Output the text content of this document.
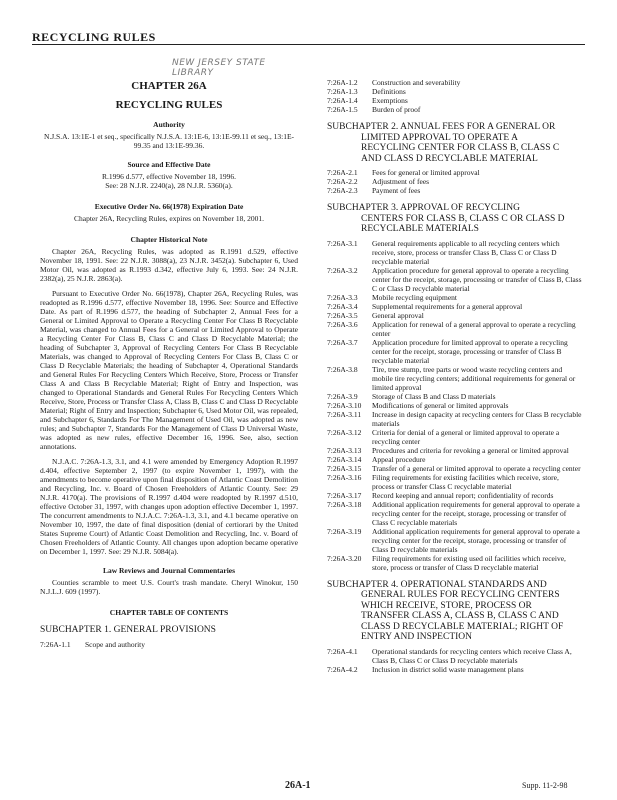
RECYCLING RULES
NEW JERSEY STATE LIBRARY
CHAPTER 26A
RECYCLING RULES
Authority
N.J.S.A. 13:1E-1 et seq., specifically N.J.S.A. 13:1E-6, 13:1E-99.11 et seq., 13:1E-99.35 and 13:1E-99.36.
Source and Effective Date
R.1996 d.577, effective November 18, 1996.
See: 28 N.J.R. 2240(a), 28 N.J.R. 5360(a).
Executive Order No. 66(1978) Expiration Date
Chapter 26A, Recycling Rules, expires on November 18, 2001.
Chapter Historical Note

Chapter 26A, Recycling Rules, was adopted as R.1991 d.529, effective November 18, 1991. See: 22 N.J.R. 3088(a), 23 N.J.R. 3452(a). Subchapter 6, Used Motor Oil, was adopted as R.1993 d.342, effective July 6, 1993. See: 24 N.J.R. 2382(a), 25 N.J.R. 2863(a).

Pursuant to Executive Order No. 66(1978), Chapter 26A, Recycling Rules, was readopted as R.1996 d.577, effective November 18, 1996. See: Source and Effective Date. As part of R.1996 d.577, the heading of Subchapter 2, Annual Fees for a General or Limited Approval to Operate a Recycling Center For Class B Recyclable Material, was changed to Annual Fees for a General or Limited Approval to Operate a Recycling Center For Class B, Class C and Class D Recyclable Material; the heading of Subchapter 3, Approval of Recycling Centers For Class B Recyclable Materials, was changed to Approval of Recycling Centers For Class B, Class C or Class D Recyclable Materials; the heading of Subchapter 4, Operational Standards and General Rules For Recycling Centers Which Receive, Store, Process or Transfer Class A and Class B Recyclable Material; Right of Entry and Inspection, was changed to Operational Standards and General Rules For Recycling Centers Which Receive, Store, Process or Transfer Class A, Class B, Class C and Class D Recyclable Material; Right of Entry and Inspection; Subchapter 6, Used Motor Oil, was repealed, and Subchapter 6, Standards For The Management of Used Oil, was adopted as new rules; and Subchapter 7, Standards For the Management of Class D Universal Waste, was adopted as new rules, effective December 16, 1996. See, also, section annotations.

N.J.A.C. 7:26A-1.3, 3.1, and 4.1 were amended by Emergency Adoption R.1997 d.404, effective September 2, 1997 (to expire November 1, 1997), with the amendments to become operative upon final disposition of Atlantic Coast Demolition and Recycling, Inc. v. Board of Chosen Freeholders of Atlantic County. See: 29 N.J.R. 4170(a). The provisions of R.1997 d.404 were readopted by R.1997 d.510, effective October 31, 1997, with changes upon adoption effective December 1, 1997. The concurrent amendments to N.J.A.C. 7:26A-1.3, 3.1, and 4.1 became operative on November 10, 1997, the date of final disposition (denial of certiorari by the United States Supreme Court) of Atlantic Coast Demolition and Recycling, Inc. v. Board of Chosen Freeholders of Atlantic County. All changes upon adoption became operative on December 1, 1997. See: 29 N.J.R. 5084(a).

Law Reviews and Journal Commentaries

Counties scramble to meet U.S. Court's trash mandate. Cheryl Winokur, 150 N.J.L.J. 609 (1997).

CHAPTER TABLE OF CONTENTS
SUBCHAPTER 1. GENERAL PROVISIONS
7:26A-1.1	Scope and authority
7:26A-1.2	Construction and severability
7:26A-1.3	Definitions
7:26A-1.4	Exemptions
7:26A-1.5	Burden of proof
SUBCHAPTER 2. ANNUAL FEES FOR A GENERAL OR
LIMITED APPROVAL TO OPERATE A
RECYCLING CENTER FOR CLASS B, CLASS C
AND CLASS D RECYCLABLE MATERIAL
7:26A-2.1	Fees for general or limited approval
7:26A-2.2	Adjustment of fees
7:26A-2.3	Payment of fees
SUBCHAPTER 3. APPROVAL OF RECYCLING
CENTERS FOR CLASS B, CLASS C OR CLASS D
RECYCLABLE MATERIALS
7:26A-3.1	General requirements applicable to all recycling centers which receive, store, process or transfer Class B, Class C or Class D recyclable material
7:26A-3.2	Application procedure for general approval to operate a recycling center for the receipt, storage, processing or transfer of Class B, Class C or Class D recyclable material
7:26A-3.3	Mobile recycling equipment
7:26A-3.4	Supplemental requirements for a general approval
7:26A-3.5	General approval
7:26A-3.6	Application for renewal of a general approval to operate a recycling center
7:26A-3.7	Application procedure for limited approval to operate a recycling center for the receipt, storage, processing or transfer of Class B recyclable material
7:26A-3.8	Tire, tree stump, tree parts or wood waste recycling centers and mobile tire recycling centers; additional requirements for general or limited approval
7:26A-3.9	Storage of Class B and Class D materials
7:26A-3.10	Modifications of general or limited approvals
7:26A-3.11	Increase in design capacity at recycling centers for Class B recyclable materials
7:26A-3.12	Criteria for denial of a general or limited approval to operate a recycling center
7:26A-3.13	Procedures and criteria for revoking a general or limited approval
7:26A-3.14	Appeal procedure
7:26A-3.15	Transfer of a general or limited approval to operate a recycling center
7:26A-3.16	Filing requirements for existing facilities which receive, store, process or transfer Class C recyclable material
7:26A-3.17	Record keeping and annual report; confidentiality of records
7:26A-3.18	Additional application requirements for general approval to operate a recycling center for the receipt, storage, processing or transfer of Class C recyclable materials
7:26A-3.19	Additional application requirements for general approval to operate a recycling center for the receipt, storage, processing or transfer of Class D recyclable materials
7:26A-3.20	Filing requirements for existing used oil facilities which receive, store, process or transfer of Class D recyclable material
SUBCHAPTER 4. OPERATIONAL STANDARDS AND
GENERAL RULES FOR RECYCLING CENTERS
WHICH RECEIVE, STORE, PROCESS OR
TRANSFER CLASS A, CLASS B, CLASS C AND
CLASS D RECYCLABLE MATERIAL; RIGHT OF
ENTRY AND INSPECTION
7:26A-4.1	Operational standards for recycling centers which receive Class A, Class B, Class C or Class D recyclable materials
7:26A-4.2	Inclusion in district solid waste management plans
26A-1	Supp. 11-2-98
